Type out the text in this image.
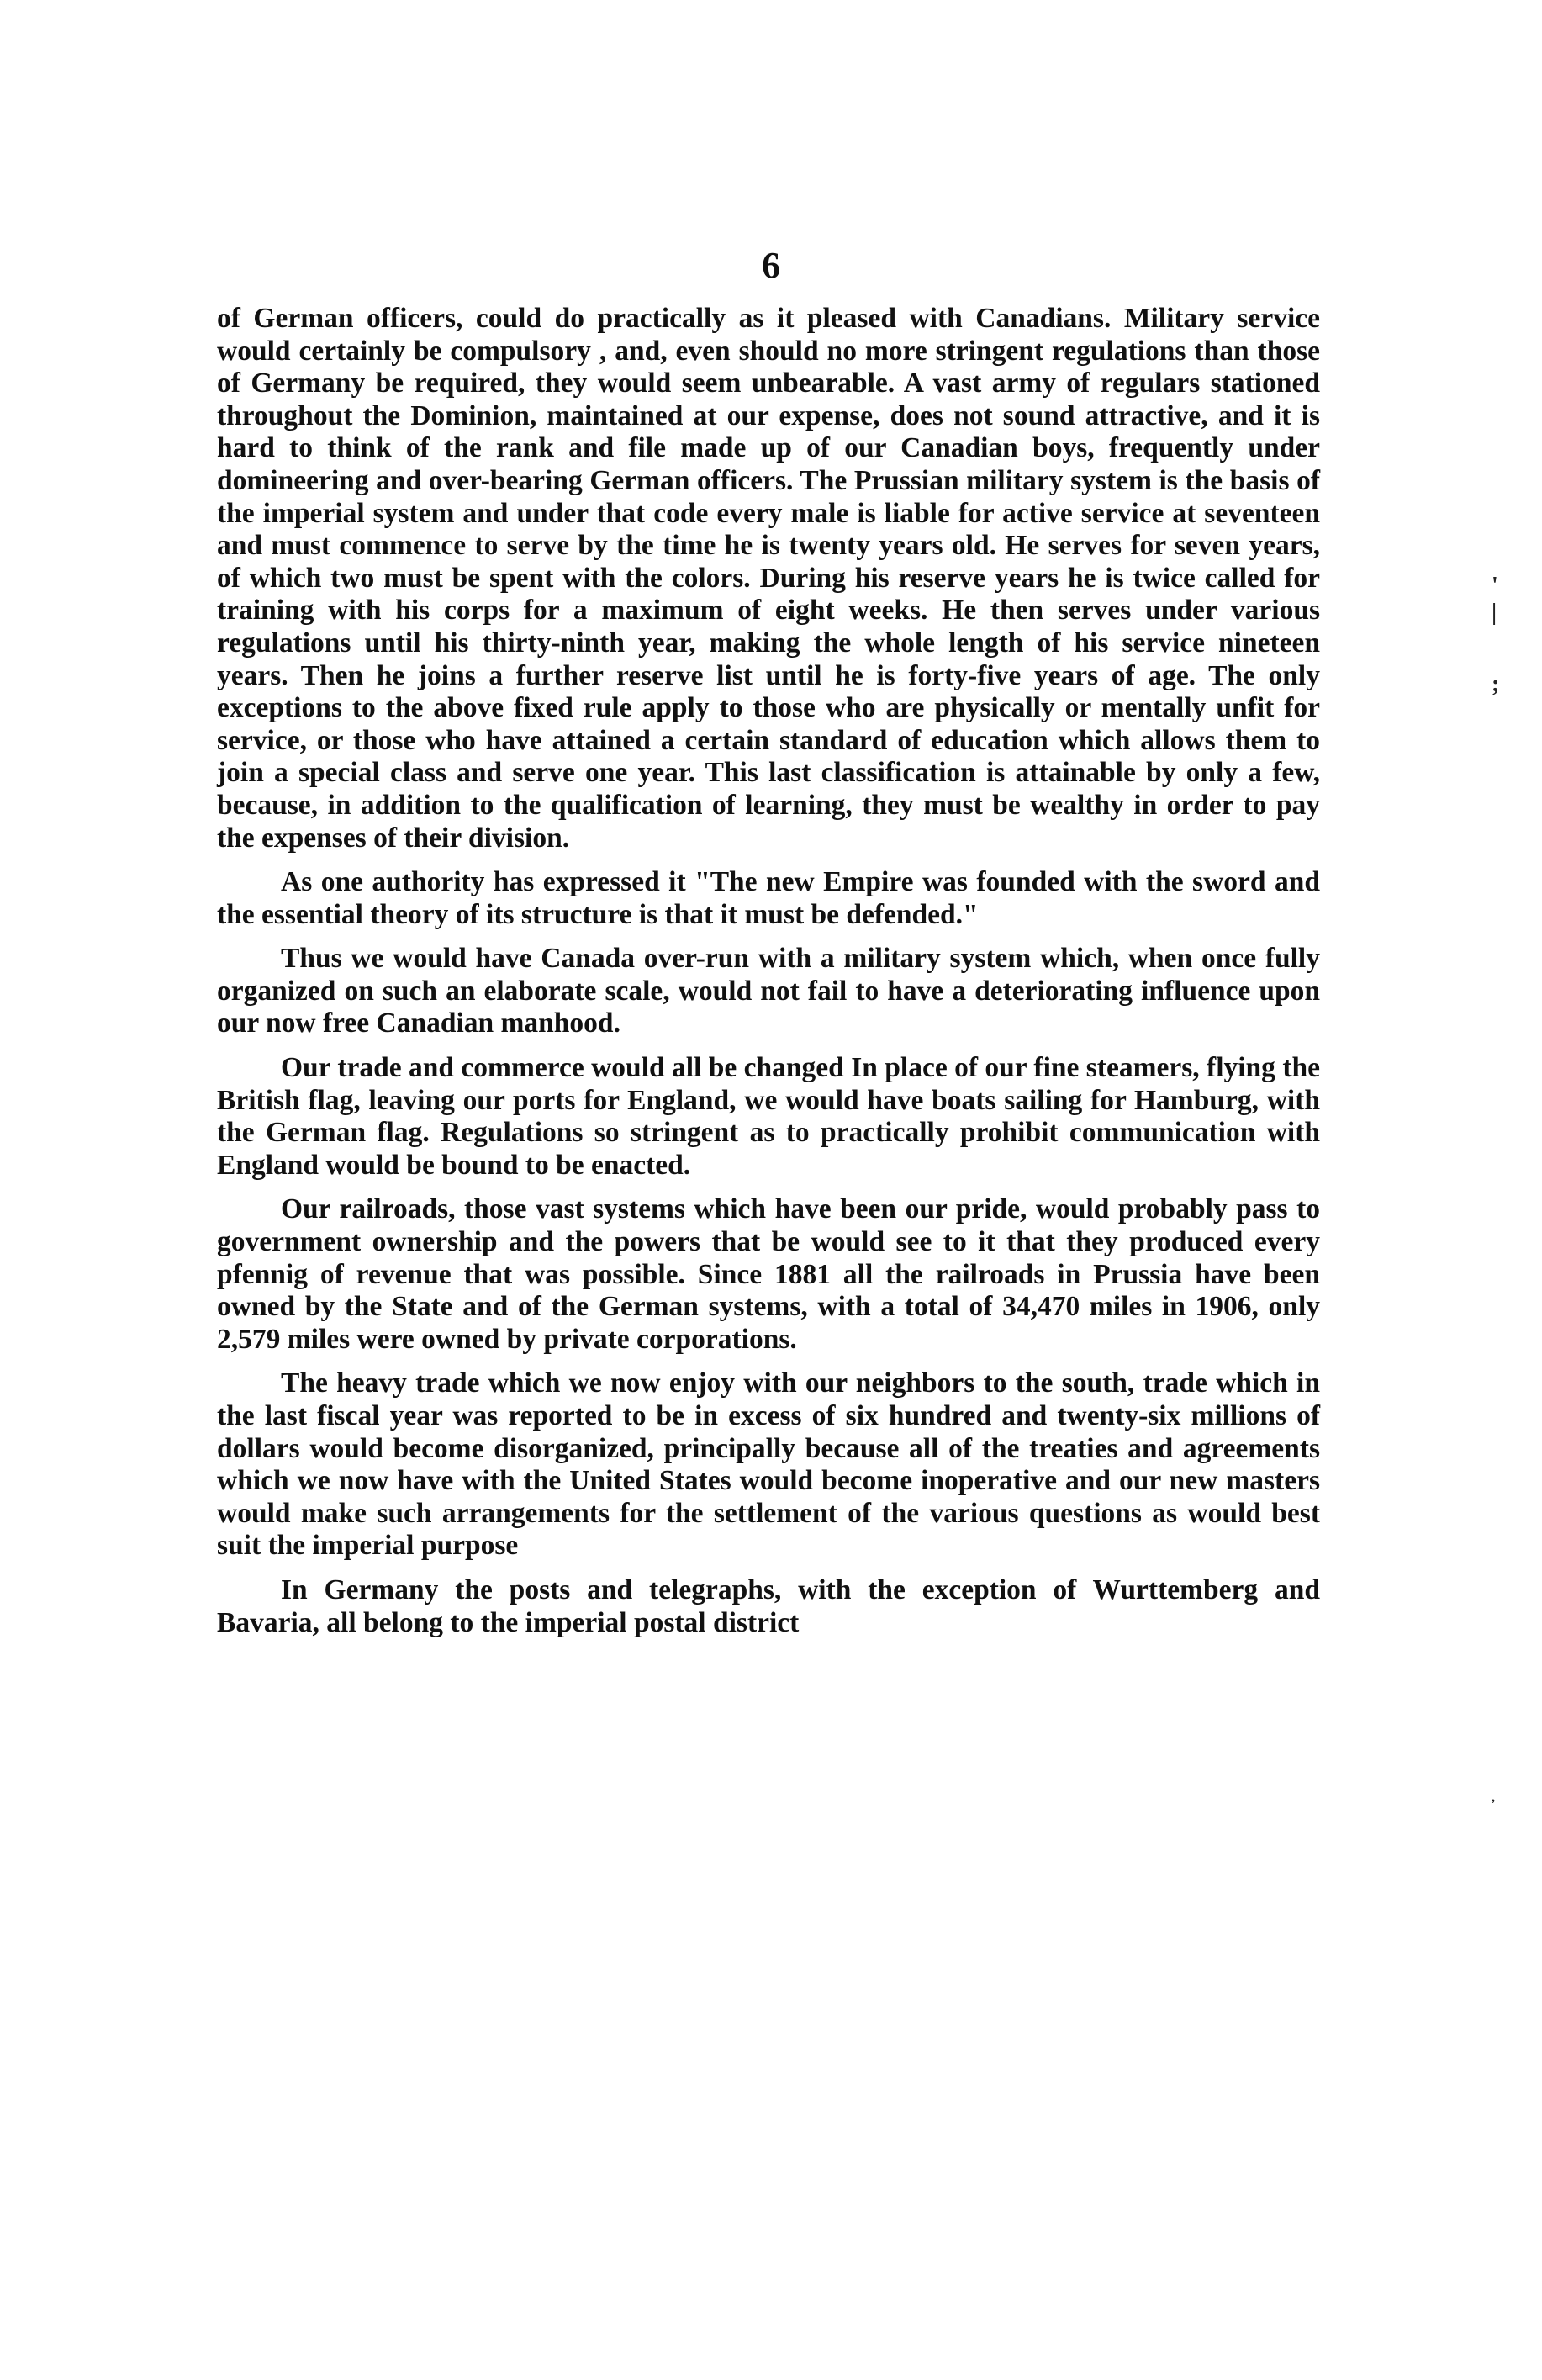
6

of German officers, could do practically as it pleased with Canadians. Military service would certainly be compulsory , and, even should no more stringent regulations than those of Germany be required, they would seem unbearable. A vast army of regulars stationed throughout the Dominion, maintained at our expense, does not sound attractive, and it is hard to think of the rank and file made up of our Canadian boys, frequently under domineering and over-bearing German officers. The Prussian military system is the basis of the imperial system and under that code every male is liable for active service at seventeen and must commence to serve by the time he is twenty years old. He serves for seven years, of which two must be spent with the colors. During his reserve years he is twice called for training with his corps for a maximum of eight weeks. He then serves under various regulations until his thirty-ninth year, making the whole length of his service nineteen years. Then he joins a further reserve list until he is forty-five years of age. The only exceptions to the above fixed rule apply to those who are physically or mentally unfit for service, or those who have attained a certain standard of education which allows them to join a special class and serve one year. This last classification is attainable by only a few, because, in addition to the qualification of learning, they must be wealthy in order to pay the expenses of their division.

As one authority has expressed it "The new Empire was founded with the sword and the essential theory of its structure is that it must be defended."

Thus we would have Canada over-run with a military system which, when once fully organized on such an elaborate scale, would not fail to have a deteriorating influence upon our now free Canadian manhood.

Our trade and commerce would all be changed In place of our fine steamers, flying the British flag, leaving our ports for England, we would have boats sailing for Hamburg, with the German flag. Regulations so stringent as to practically prohibit communication with England would be bound to be enacted.

Our railroads, those vast systems which have been our pride, would probably pass to government ownership and the powers that be would see to it that they produced every pfennig of revenue that was possible. Since 1881 all the railroads in Prussia have been owned by the State and of the German systems, with a total of 34,470 miles in 1906, only 2,579 miles were owned by private corporations.

The heavy trade which we now enjoy with our neighbors to the south, trade which in the last fiscal year was reported to be in excess of six hundred and twenty-six millions of dollars would become disorganized, principally because all of the treaties and agreements which we now have with the United States would become inoperative and our new masters would make such arrangements for the settlement of the various questions as would best suit the imperial purpose

In Germany the posts and telegraphs, with the exception of Wurttemberg and Bavaria, all belong to the imperial postal district

'
|
;
,
